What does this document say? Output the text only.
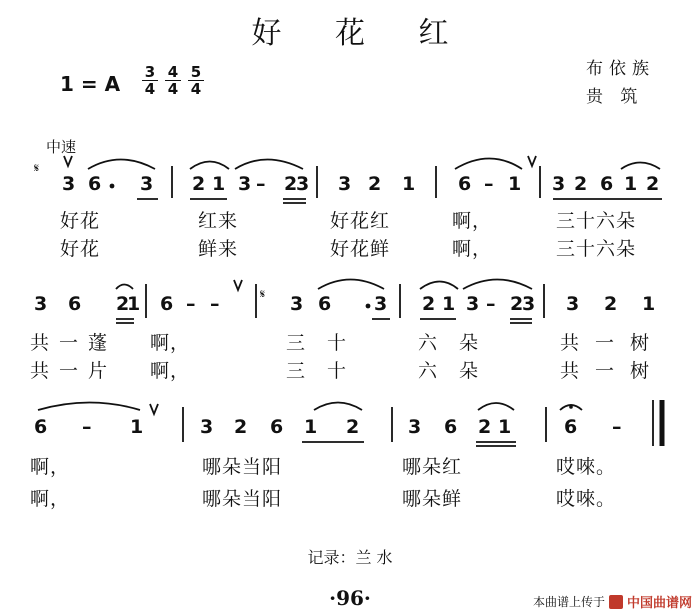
好 花 红
1 = A 3
4
4
4
5
4
布依族
贵 筑
中速
𝄋
𝄋
3 6 3 2 1 3 – 2
3 3 2 1 6 – 1 3 2 6 1 2
3 6 2
1 6 – –	3 6 3 2 1 3 – 2
3 3 2 1
6 – 1	3 2 6 1 2	3 6 2 1	6 –
好花	红来	好花红	啊，	三十六朵
好花	鲜来	好花鲜	啊，	三十六朵
共一蓬 啊，	三十	六朵	共一树
共一片 啊，	三十	六朵	共一树
啊，	哪朵当阳	哪朵红	哎唻。
啊，	哪朵当阳	哪朵鲜	哎唻。
记录：兰 水
·96·	本曲谱上传于 中国曲谱网
